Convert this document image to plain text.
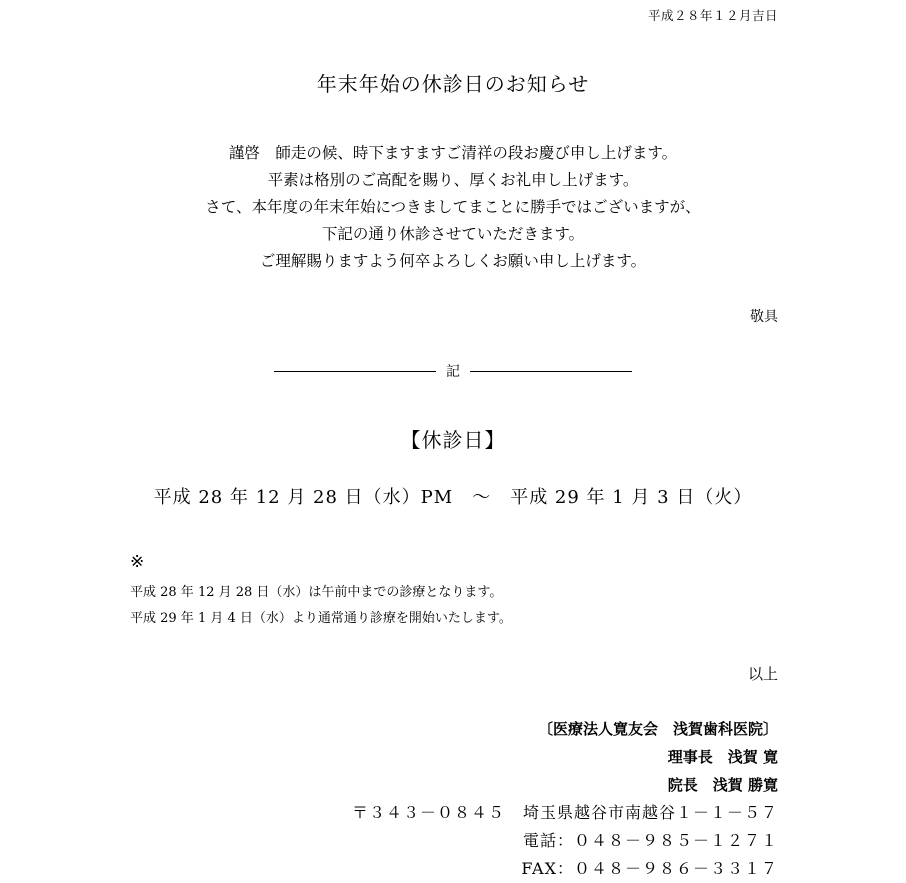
平成２８年１２月吉日
年末年始の休診日のお知らせ
謹啓　師走の候、時下ますますご清祥の段お慶び申し上げます。
平素は格別のご高配を賜り、厚くお礼申し上げます。
さて、本年度の年末年始につきましてまことに勝手ではございますが、
下記の通り休診させていただきます。
ご理解賜りますよう何卒よろしくお願い申し上げます。
敬具
記
【休診日】
平成 28 年 12 月 28 日（水）PM　〜　平成 29 年 1 月 3 日（火）
※
平成 28 年 12 月 28 日（水）は午前中までの診療となります。
平成 29 年 1 月 4 日（水）より通常通り診療を開始いたします。
以上
〔医療法人寛友会　浅賀歯科医院〕
理事長　浅賀 寛
院長　浅賀 勝寛
〒３４３－０８４５ 埼玉県越谷市南越谷１－１－５７
電話：０４８－９８５－１２７１
FAX：０４８－９８６－３３１７
